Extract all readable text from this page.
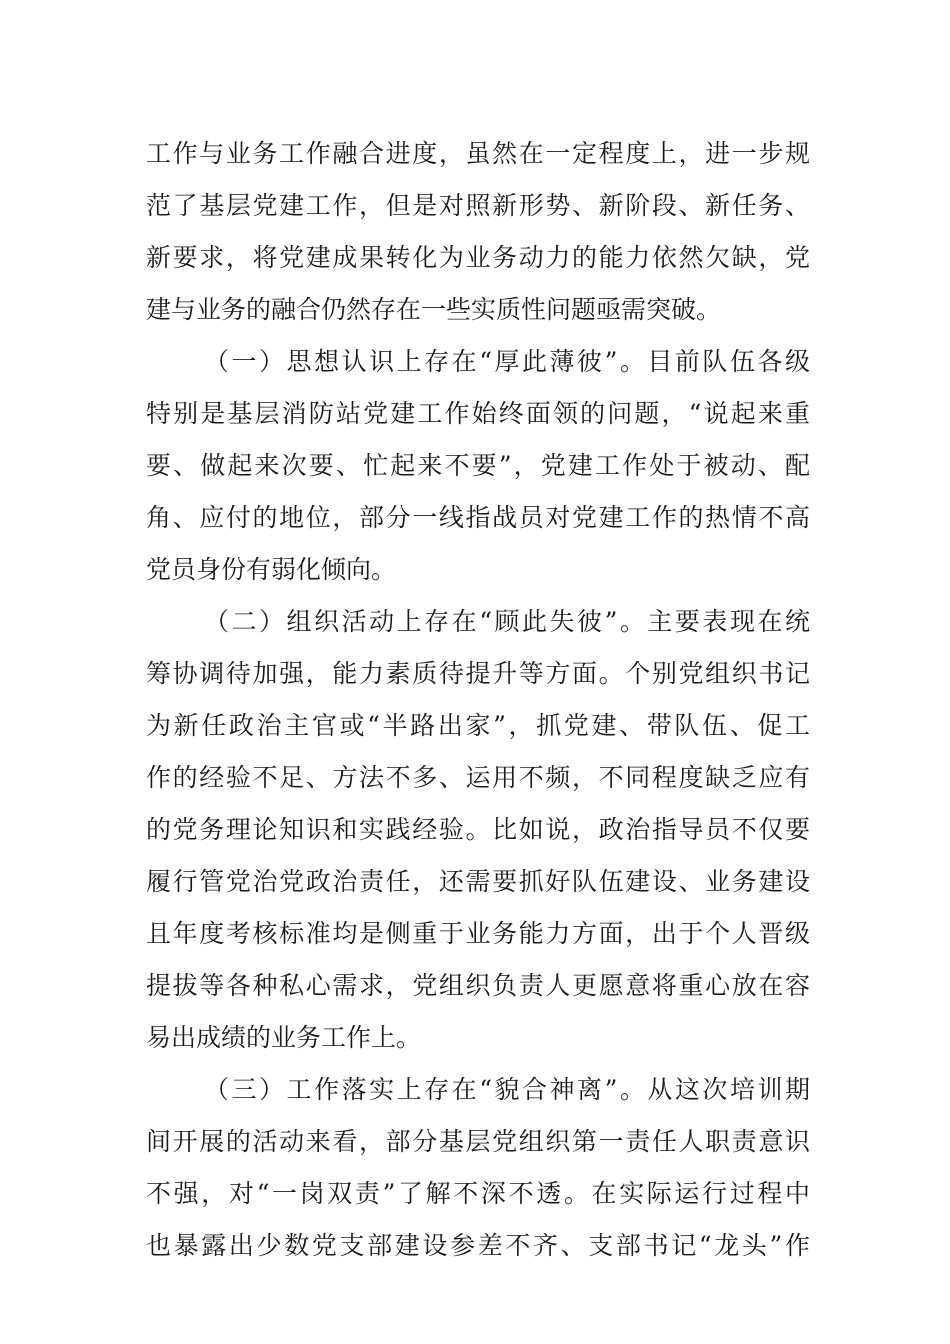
工作与业务工作融合进度，虽然在一定程度上，进一步规
范了基层党建工作，但是对照新形势、新阶段、新任务、
新要求，将党建成果转化为业务动力的能力依然欠缺，党
建与业务的融合仍然存在一些实质性问题亟需突破。
（一）思想认识上存在“厚此薄彼”。目前队伍各级
特别是基层消防站党建工作始终面领的问题，“说起来重
要、做起来次要、忙起来不要”，党建工作处于被动、配
角、应付的地位，部分一线指战员对党建工作的热情不高
党员身份有弱化倾向。
（二）组织活动上存在“顾此失彼”。主要表现在统
筹协调待加强，能力素质待提升等方面。个别党组织书记
为新任政治主官或“半路出家”，抓党建、带队伍、促工
作的经验不足、方法不多、运用不频，不同程度缺乏应有
的党务理论知识和实践经验。比如说，政治指导员不仅要
履行管党治党政治责任，还需要抓好队伍建设、业务建设
且年度考核标准均是侧重于业务能力方面，出于个人晋级
提拔等各种私心需求，党组织负责人更愿意将重心放在容
易出成绩的业务工作上。
（三）工作落实上存在“貌合神离”。从这次培训期
间开展的活动来看，部分基层党组织第一责任人职责意识
不强，对“一岗双责”了解不深不透。在实际运行过程中
也暴露出少数党支部建设参差不齐、支部书记“龙头”作
